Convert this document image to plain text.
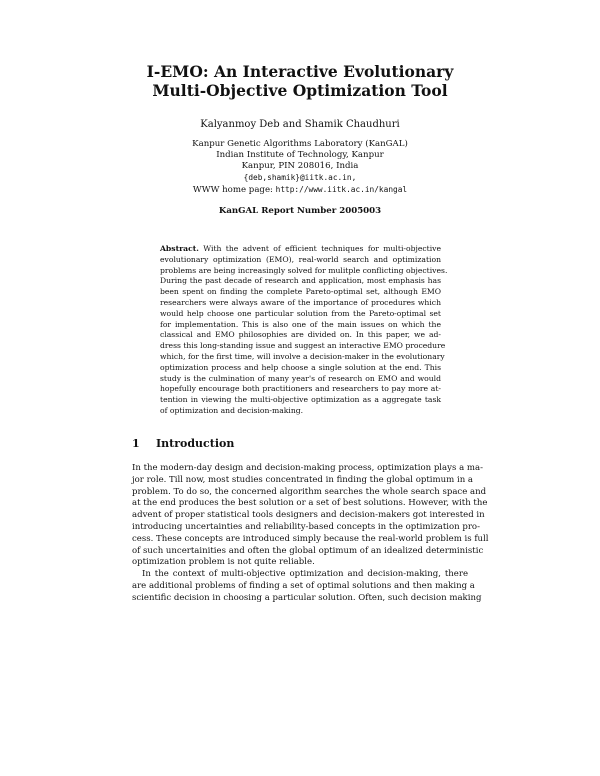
I-EMO: An Interactive Evolutionary
Multi-Objective Optimization Tool
Kalyanmoy Deb and Shamik Chaudhuri
Kanpur Genetic Algorithms Laboratory (KanGAL)
Indian Institute of Technology, Kanpur
Kanpur, PIN 208016, India
{deb,shamik}@iitk.ac.in,
WWW home page: http://www.iitk.ac.in/kangal
KanGAL Report Number 2005003
Abstract. With the advent of efficient techniques for multi-objective
evolutionary optimization (EMO), real-world search and optimization
problems are being increasingly solved for mulitple conflicting objectives.
During the past decade of research and application, most emphasis has
been spent on finding the complete Pareto-optimal set, although EMO
researchers were always aware of the importance of procedures which
would help choose one particular solution from the Pareto-optimal set
for implementation. This is also one of the main issues on which the
classical and EMO philosophies are divided on. In this paper, we ad-
dress this long-standing issue and suggest an interactive EMO procedure
which, for the first time, will involve a decision-maker in the evolutionary
optimization process and help choose a single solution at the end. This
study is the culmination of many year's of research on EMO and would
hopefully encourage both practitioners and researchers to pay more at-
tention in viewing the multi-objective optimization as a aggregate task
of optimization and decision-making.
1 Introduction
In the modern-day design and decision-making process, optimization plays a ma-
jor role. Till now, most studies concentrated in finding the global optimum in a
problem. To do so, the concerned algorithm searches the whole search space and
at the end produces the best solution or a set of best solutions. However, with the
advent of proper statistical tools designers and decision-makers got interested in
introducing uncertainties and reliability-based concepts in the optimization pro-
cess. These concepts are introduced simply because the real-world problem is full
of such uncertainities and often the global optimum of an idealized deterministic
optimization problem is not quite reliable.
In the context of multi-objective optimization and decision-making, there
are additional problems of finding a set of optimal solutions and then making a
scientific decision in choosing a particular solution. Often, such decision making
